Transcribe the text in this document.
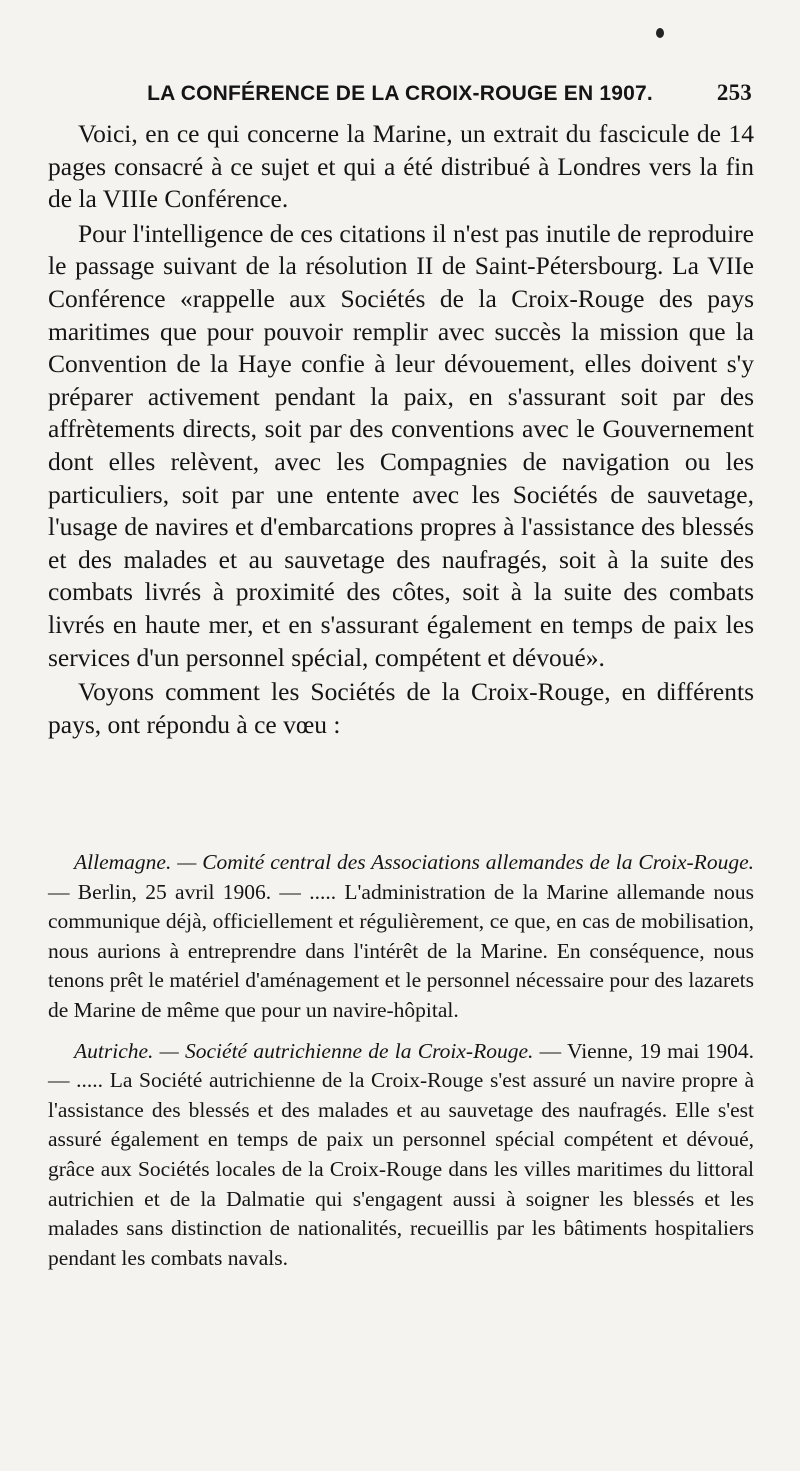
LA CONFÉRENCE DE LA CROIX-ROUGE EN 1907.	253

Voici, en ce qui concerne la Marine, un extrait du fascicule de 14 pages consacré à ce sujet et qui a été distribué à Londres vers la fin de la VIIIe Conférence.

Pour l'intelligence de ces citations il n'est pas inutile de reproduire le passage suivant de la résolution II de Saint-Pétersbourg. La VIIe Conférence «rappelle aux Sociétés de la Croix-Rouge des pays maritimes que pour pouvoir remplir avec succès la mission que la Convention de la Haye confie à leur dévouement, elles doivent s'y préparer activement pendant la paix, en s'assurant soit par des affrètements directs, soit par des conventions avec le Gouvernement dont elles relèvent, avec les Compagnies de navigation ou les particuliers, soit par une entente avec les Sociétés de sauvetage, l'usage de navires et d'embarcations propres à l'assistance des blessés et des malades et au sauvetage des naufragés, soit à la suite des combats livrés à proximité des côtes, soit à la suite des combats livrés en haute mer, et en s'assurant également en temps de paix les services d'un personnel spécial, compétent et dévoué».

Voyons comment les Sociétés de la Croix-Rouge, en différents pays, ont répondu à ce vœu :

Allemagne. — Comité central des Associations allemandes de la Croix-Rouge. — Berlin, 25 avril 1906. — ..... L'administration de la Marine allemande nous communique déjà, officiellement et régulièrement, ce que, en cas de mobilisation, nous aurions à entreprendre dans l'intérêt de la Marine. En conséquence, nous tenons prêt le matériel d'aménagement et le personnel nécessaire pour des lazarets de Marine de même que pour un navire-hôpital.

Autriche. — Société autrichienne de la Croix-Rouge. — Vienne, 19 mai 1904. — ..... La Société autrichienne de la Croix-Rouge s'est assuré un navire propre à l'assistance des blessés et des malades et au sauvetage des naufragés. Elle s'est assuré également en temps de paix un personnel spécial compétent et dévoué, grâce aux Sociétés locales de la Croix-Rouge dans les villes maritimes du littoral autrichien et de la Dalmatie qui s'engagent aussi à soigner les blessés et les malades sans distinction de nationalités, recueillis par les bâtiments hospitaliers pendant les combats navals.
